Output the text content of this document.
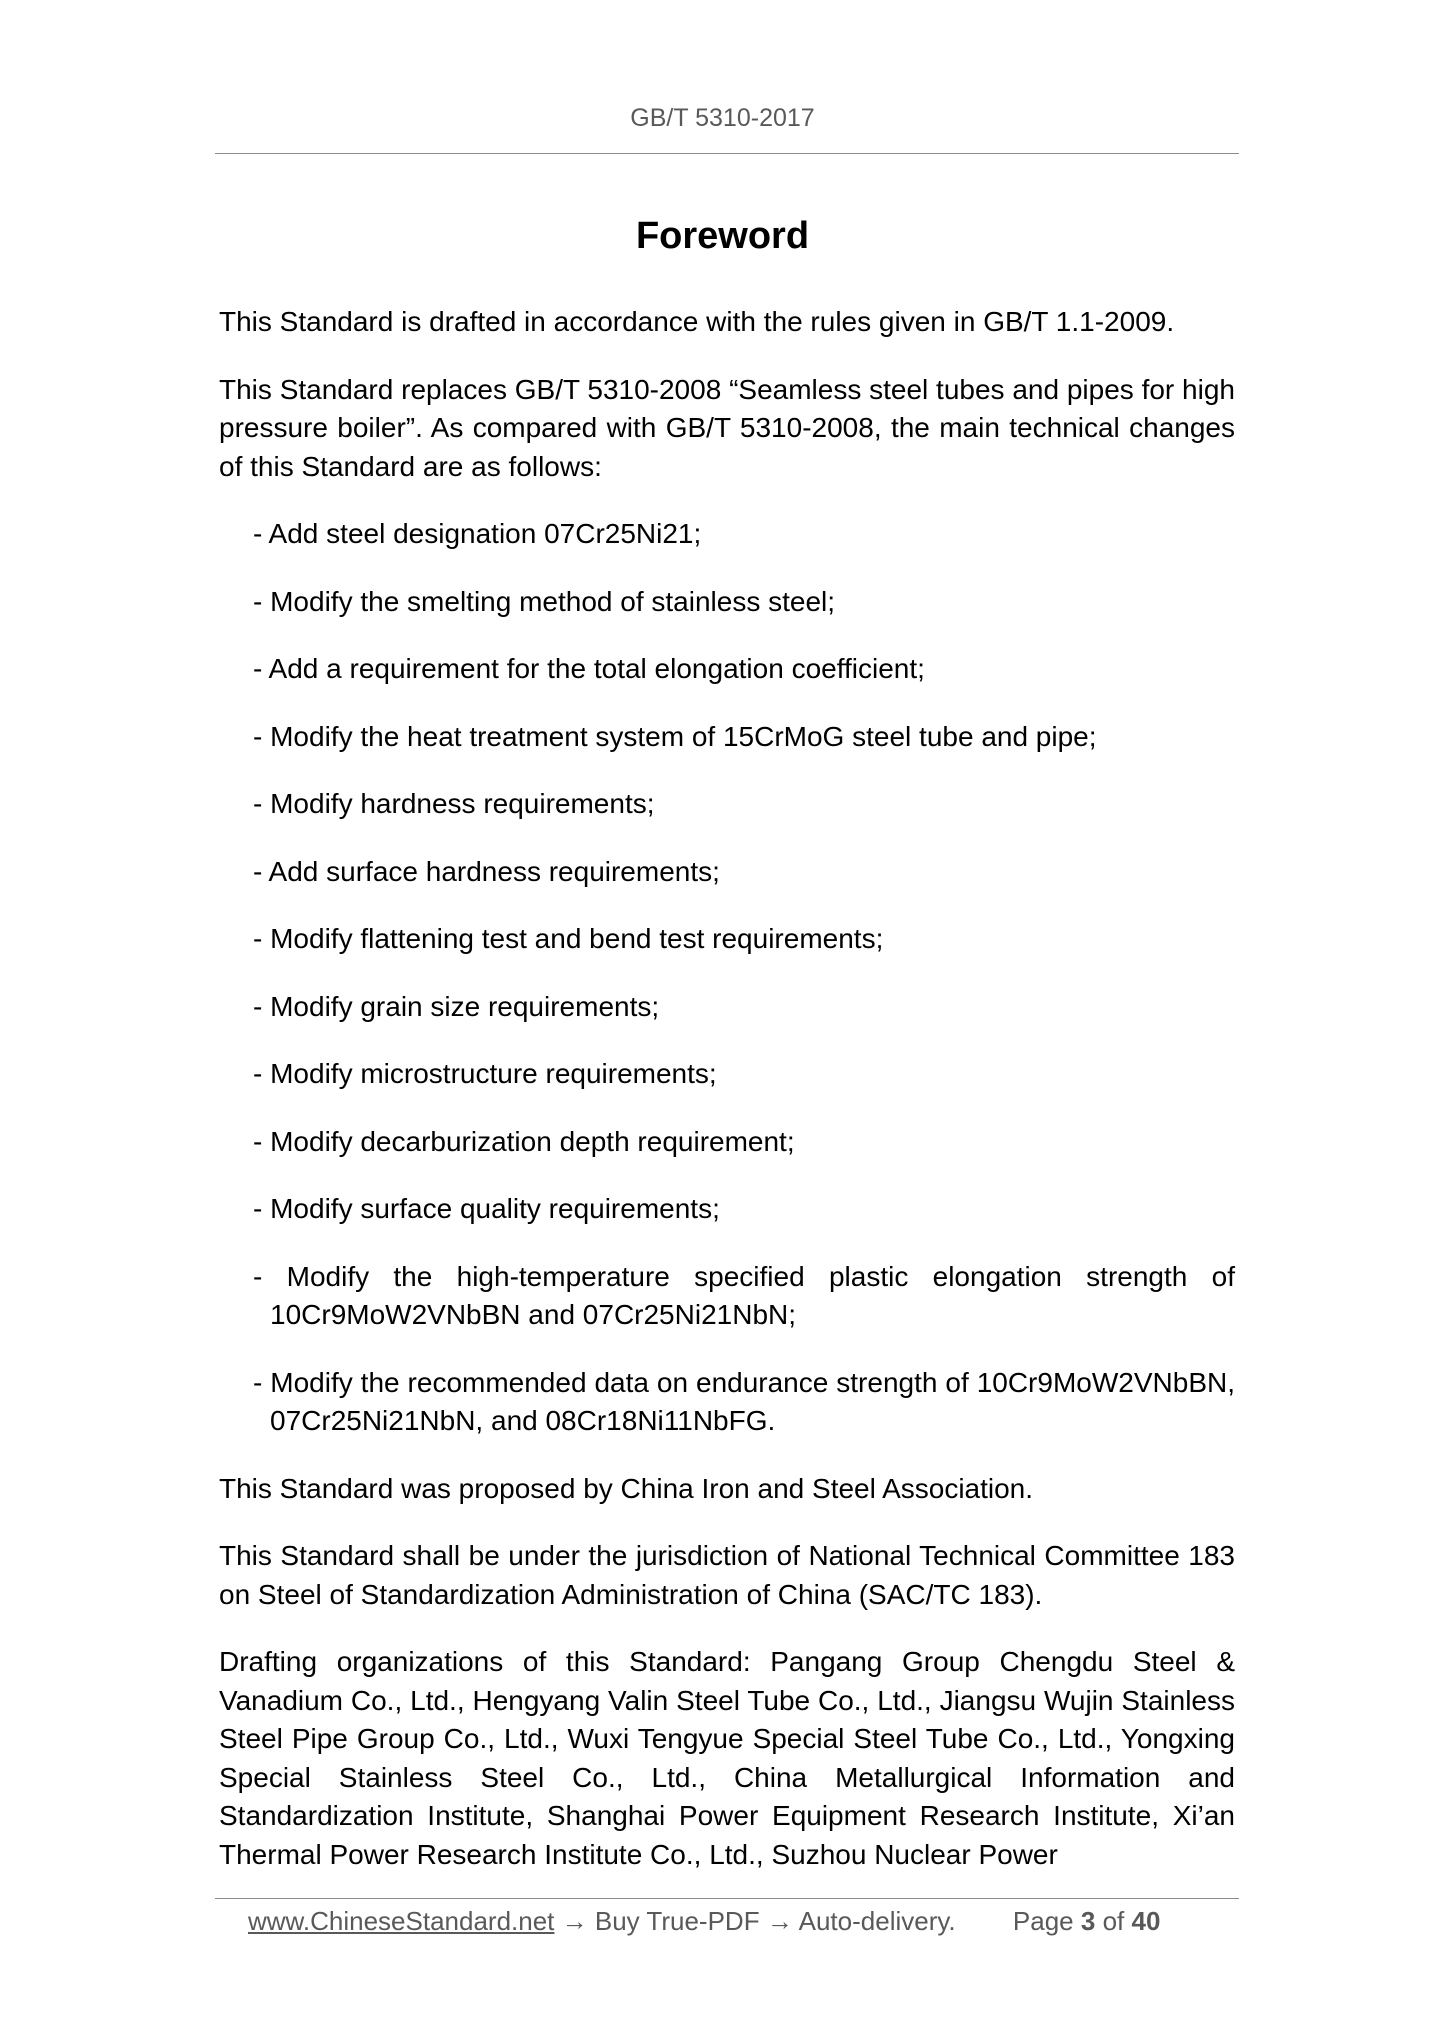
GB/T 5310-2017
Foreword

This Standard is drafted in accordance with the rules given in GB/T 1.1-2009.

This Standard replaces GB/T 5310-2008 “Seamless steel tubes and pipes for high pressure boiler”. As compared with GB/T 5310-2008, the main technical changes of this Standard are as follows:

- Add steel designation 07Cr25Ni21;

- Modify the smelting method of stainless steel;

- Add a requirement for the total elongation coefficient;

- Modify the heat treatment system of 15CrMoG steel tube and pipe;

- Modify hardness requirements;

- Add surface hardness requirements;

- Modify flattening test and bend test requirements;

- Modify grain size requirements;

- Modify microstructure requirements;

- Modify decarburization depth requirement;

- Modify surface quality requirements;

- Modify the high-temperature specified plastic elongation strength of 10Cr9MoW2VNbBN and 07Cr25Ni21NbN;

- Modify the recommended data on endurance strength of 10Cr9MoW2VNbBN, 07Cr25Ni21NbN, and 08Cr18Ni11NbFG.

This Standard was proposed by China Iron and Steel Association.

This Standard shall be under the jurisdiction of National Technical Committee 183 on Steel of Standardization Administration of China (SAC/TC 183).

Drafting organizations of this Standard: Pangang Group Chengdu Steel & Vanadium Co., Ltd., Hengyang Valin Steel Tube Co., Ltd., Jiangsu Wujin Stainless Steel Pipe Group Co., Ltd., Wuxi Tengyue Special Steel Tube Co., Ltd., Yongxing Special Stainless Steel Co., Ltd., China Metallurgical Information and Standardization Institute, Shanghai Power Equipment Research Institute, Xi’an Thermal Power Research Institute Co., Ltd., Suzhou Nuclear Power

www.ChineseStandard.net → Buy True-PDF → Auto-delivery. Page 3 of 40
